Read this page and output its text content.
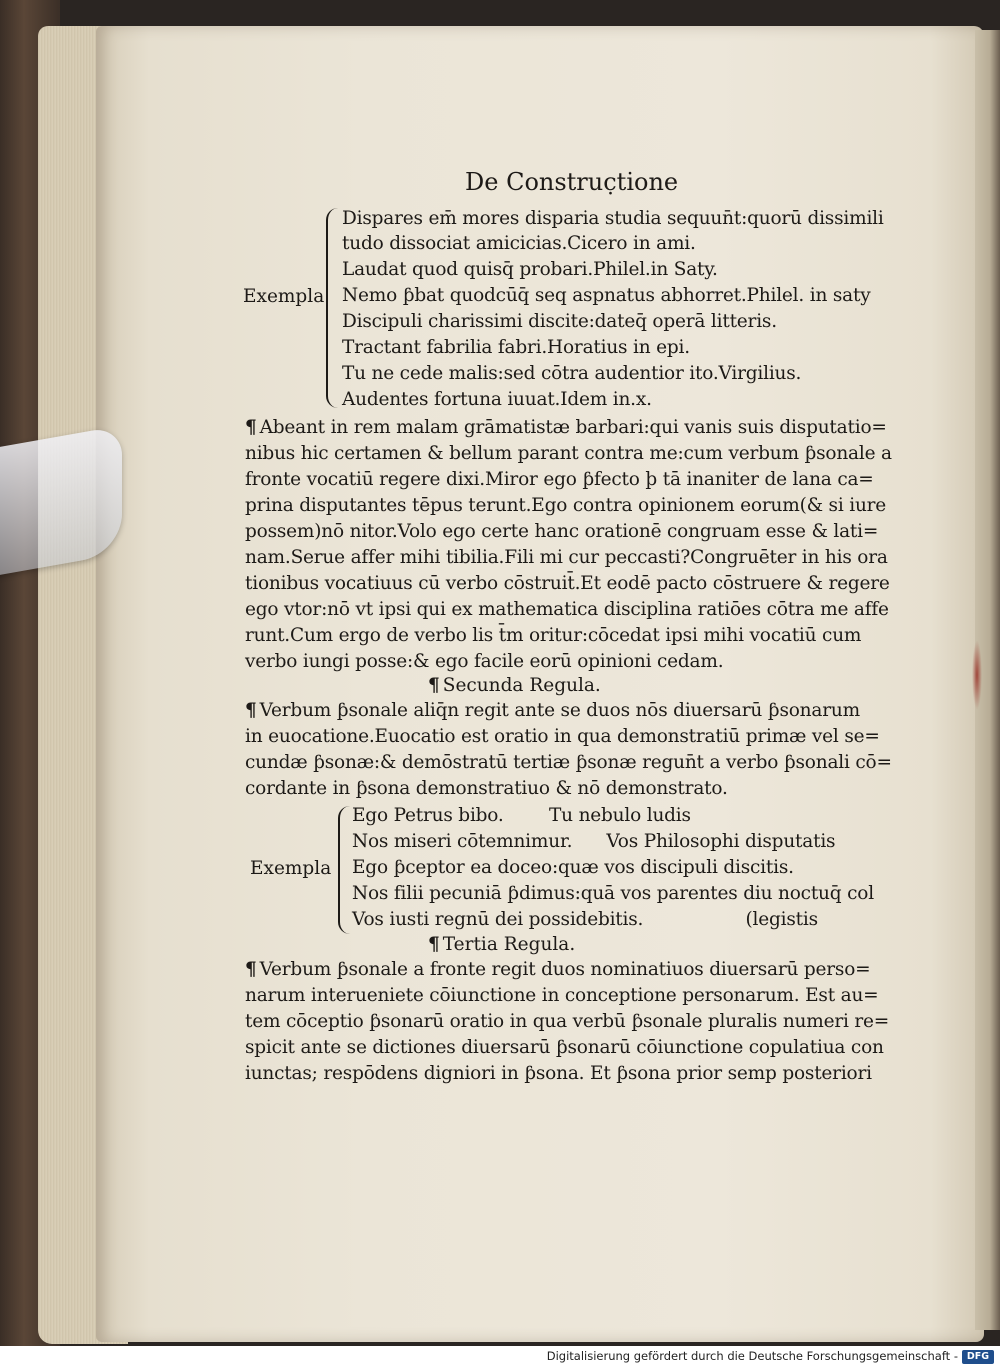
De Construc̣tione
Exempla
Dispares em̄ mores disparia studia sequun̄t:quorū dissimili
tudo dissociat amicicias.Cicero in ami.
Laudat quod quisq̄ probari.Philel.in Saty.
Nemo ƥbat quodcūq̄ seq aspnatus abhorret.Philel. in saty
Discipuli charissimi discite:dateq̄ operā litteris.
Tractant fabrilia fabri.Horatius in epi.
Tu ne cede malis:sed cōtra audentior ito.Virgilius.
Audentes fortuna iuuat.Idem in.x.
¶ Abeant in rem malam grāmatistæ barbari:qui vanis suis disputatio=
nibus hic certamen & bellum parant contra me:cum verbum ƥsonale a
fronte vocatiū regere dixi.Miror ego ƥfecto þ tā inaniter de lana ca=
prina disputantes tēpus terunt.Ego contra opinionem eorum(& si iure
possem)nō nitor.Volo ego certe hanc orationē congruam esse & lati=
nam.Serue affer mihi tibilia.Fili mi cur peccasti?Congruēter in his ora
tionibus vocatiuus cū verbo cōstruit̄.Et eodē pacto cōstruere & regere
ego vtor:nō vt ipsi qui ex mathematica disciplina ratiōes cōtra me affe
runt.Cum ergo de verbo lis t̄m oritur:cōcedat ipsi mihi vocatiū cum
verbo iungi posse:& ego facile eorū opinioni cedam.
¶ Secunda Regula.
¶ Verbum ƥsonale aliq̄n regit ante se duos nōs diuersarū ƥsonarum
in euocatione.Euocatio est oratio in qua demonstratiū primæ vel se=
cundæ ƥsonæ:& demōstratū tertiæ ƥsonæ regun̄t a verbo ƥsonali cō=
cordante in ƥsona demonstratiuo & nō demonstrato.
Exempla
Ego Petrus bibo.        Tu nebulo ludis
Nos miseri cōtemnimur.      Vos Philosophi disputatis
Ego ƥceptor ea doceo:quæ vos discipuli discitis.
Nos filii pecuniā ƥdimus:quā vos parentes diu noctuq̄ col
Vos iusti regnū dei possidebitis.                  (legistis
¶ Tertia Regula.
¶ Verbum ƥsonale a fronte regit duos nominatiuos diuersarū perso=
narum interueniete cōiunctione in conceptione personarum. Est au=
tem cōceptio ƥsonarū oratio in qua verbū ƥsonale pluralis numeri re=
spicit ante se dictiones diuersarū ƥsonarū cōiunctione copulatiua con
iunctas; respōdens digniori in ƥsona. Et ƥsona prior semp posteriori
Digitalisierung gefördert durch die Deutsche Forschungsgemeinschaft - DFG
